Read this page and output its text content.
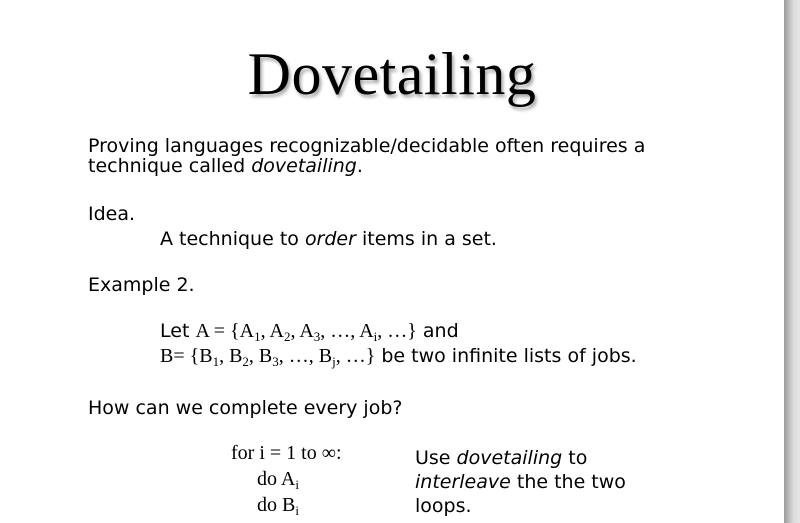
Dovetailing
Proving languages recognizable/decidable often requires a
technique called dovetailing.
Idea.
A technique to order items in a set.
Example 2.
Let $A = \{A_1$, $A_2$, $A_3$, …, $A_i$, …} and
$B= \{B_1$, $B_2$, $B_3$, …, $B_j$, …} be two infinite lists of jobs.
How can we complete every job?
for i = 1 to ∞:
do $A_i$
do $B_i$
Use dovetailing to
interleave the the two
loops.
